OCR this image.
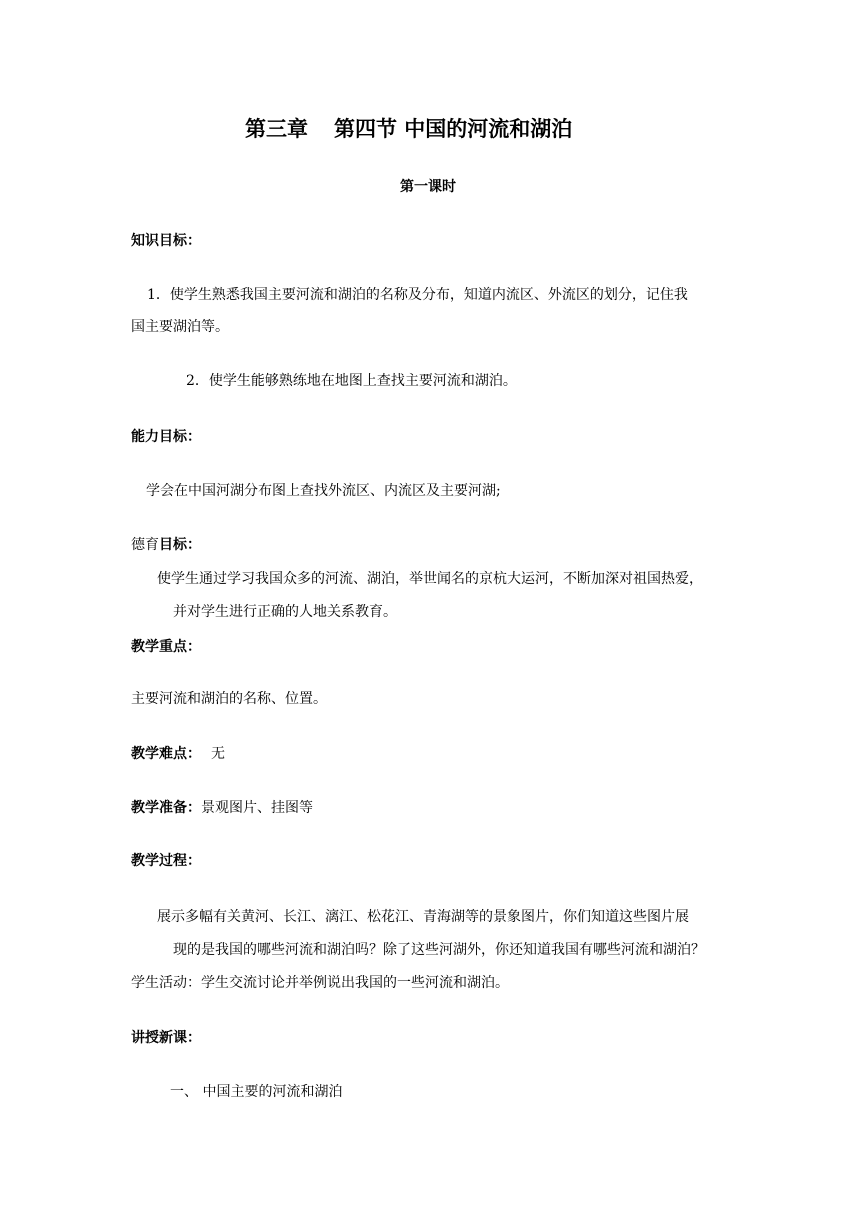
第三章 第四节 中国的河流和湖泊
第一课时
知识目标：
1．使学生熟悉我国主要河流和湖泊的名称及分布，知道内流区、外流区的划分，记住我
国主要湖泊等。
2．使学生能够熟练地在地图上查找主要河流和湖泊。
能力目标：
学会在中国河湖分布图上查找外流区、内流区及主要河湖;
德育目标：
使学生通过学习我国众多的河流、湖泊，举世闻名的京杭大运河，不断加深对祖国热爱，
并对学生进行正确的人地关系教育。
教学重点：
主要河流和湖泊的名称、位置。
教学难点： 无
教学准备：景观图片、挂图等
教学过程：
展示多幅有关黄河、长江、漓江、松花江、青海湖等的景象图片，你们知道这些图片展
现的是我国的哪些河流和湖泊吗？除了这些河湖外，你还知道我国有哪些河流和湖泊？
学生活动：学生交流讨论并举例说出我国的一些河流和湖泊。
讲授新课：
一、 中国主要的河流和湖泊
